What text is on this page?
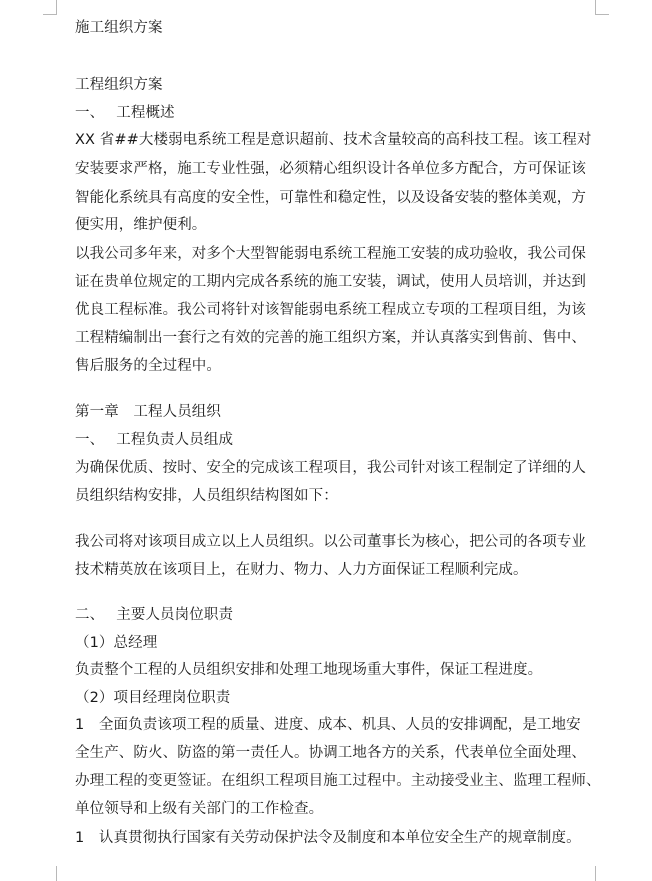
施工组织方案
工程组织方案
一、　 工程概述
XX 省##大楼弱电系统工程是意识超前、技术含量较高的高科技工程。该工程对
安装要求严格，施工专业性强，必须精心组织设计各单位多方配合，方可保证该
智能化系统具有高度的安全性，可靠性和稳定性，以及设备安装的整体美观，方
便实用，维护便利。
以我公司多年来，对多个大型智能弱电系统工程施工安装的成功验收，我公司保
证在贵单位规定的工期内完成各系统的施工安装，调试，使用人员培训，并达到
优良工程标准。我公司将针对该智能弱电系统工程成立专项的工程项目组，为该
工程精编制出一套行之有效的完善的施工组织方案，并认真落实到售前、售中、
售后服务的全过程中。
第一章　工程人员组织
一、　 工程负责人员组成
为确保优质、按时、安全的完成该工程项目，我公司针对该工程制定了详细的人
员组织结构安排，人员组织结构图如下：
我公司将对该项目成立以上人员组织。以公司董事长为核心，把公司的各项专业
技术精英放在该项目上，在财力、物力、人力方面保证工程顺利完成。
二、　 主要人员岗位职责
（1）总经理
负责整个工程的人员组织安排和处理工地现场重大事件，保证工程进度。
（2）项目经理岗位职责
1　全面负责该项工程的质量、进度、成本、机具、人员的安排调配，是工地安
全生产、防火、防盗的第一责任人。协调工地各方的关系，代表单位全面处理、
办理工程的变更签证。在组织工程项目施工过程中。主动接受业主、监理工程师、
单位领导和上级有关部门的工作检查。
1　认真贯彻执行国家有关劳动保护法令及制度和本单位安全生产的规章制度。
